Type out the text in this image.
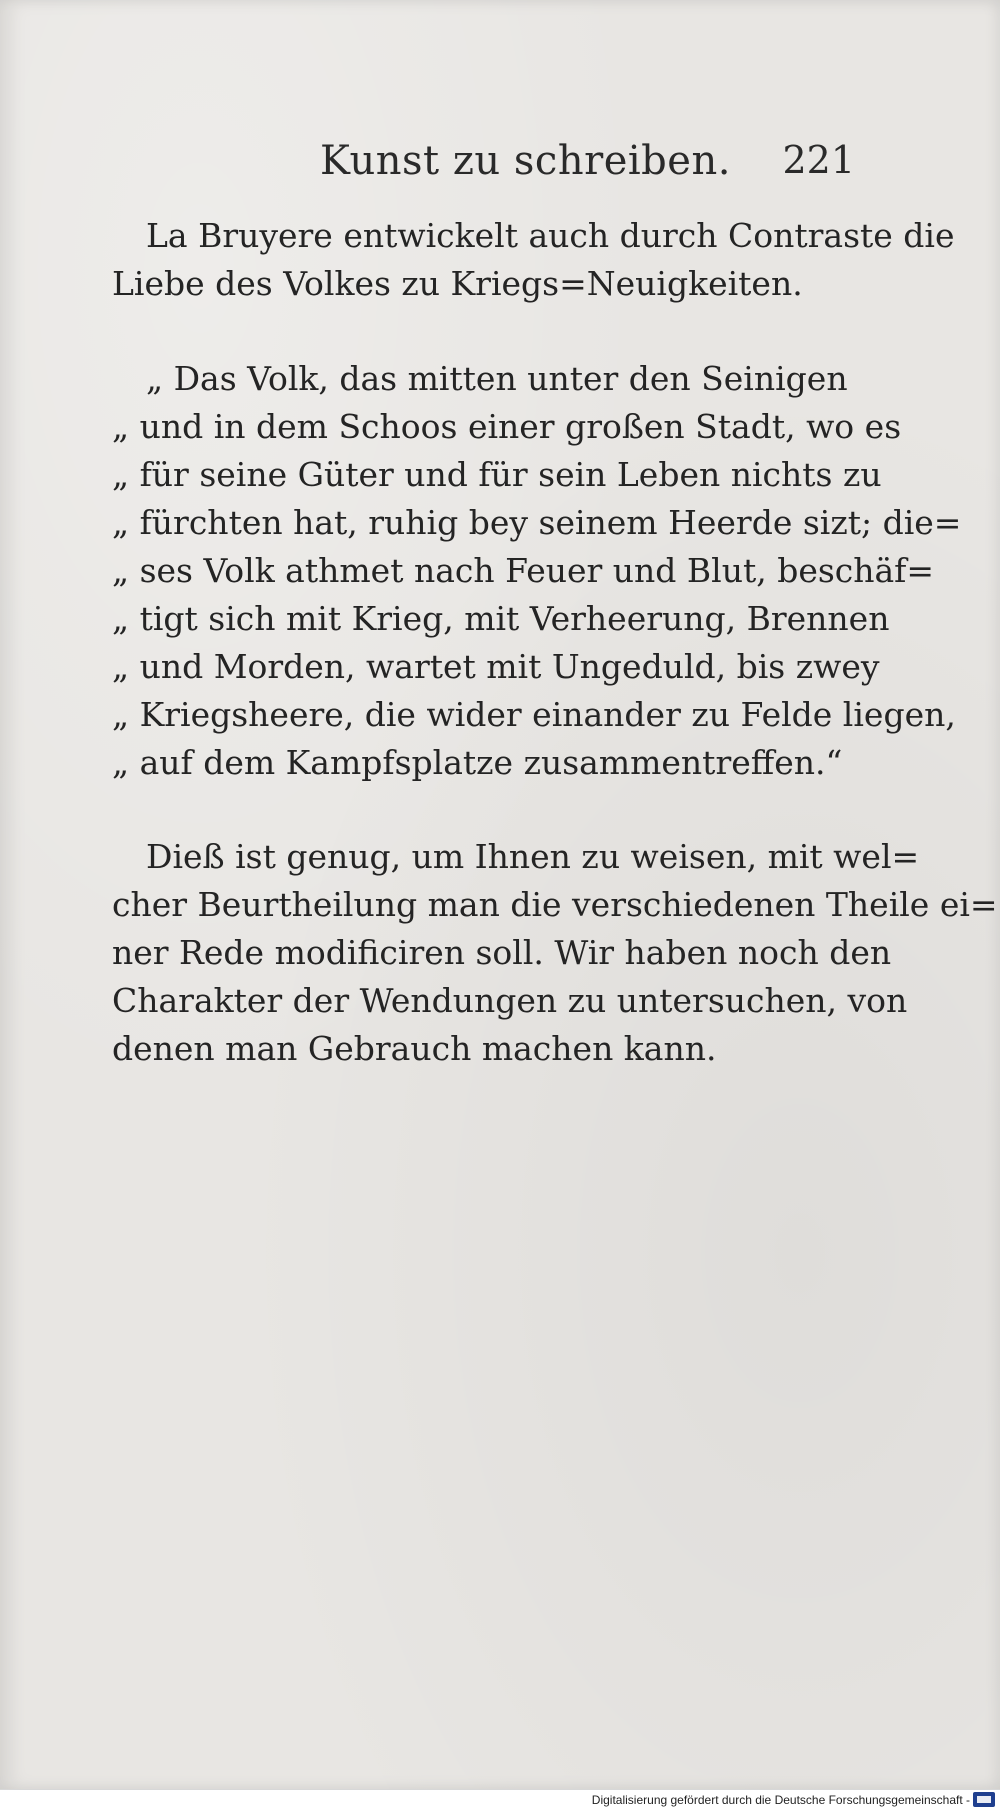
Kunst zu schreiben. 221
La Bruyere entwickelt auch durch Contraste die
Liebe des Volkes zu Kriegs=Neuigkeiten.
„ Das Volk, das mitten unter den Seinigen
„ und in dem Schoos einer großen Stadt, wo es
„ für seine Güter und für sein Leben nichts zu
„ fürchten hat, ruhig bey seinem Heerde sizt; die=
„ ses Volk athmet nach Feuer und Blut, beschäf=
„ tigt sich mit Krieg, mit Verheerung, Brennen
„ und Morden, wartet mit Ungeduld, bis zwey
„ Kriegsheere, die wider einander zu Felde liegen,
„ auf dem Kampfsplatze zusammentreffen.“
Dieß ist genug, um Ihnen zu weisen, mit wel=
cher Beurtheilung man die verschiedenen Theile ei=
ner Rede modificiren soll. Wir haben noch den
Charakter der Wendungen zu untersuchen, von
denen man Gebrauch machen kann.
Digitalisierung gefördert durch die Deutsche Forschungsgemeinschaft -
